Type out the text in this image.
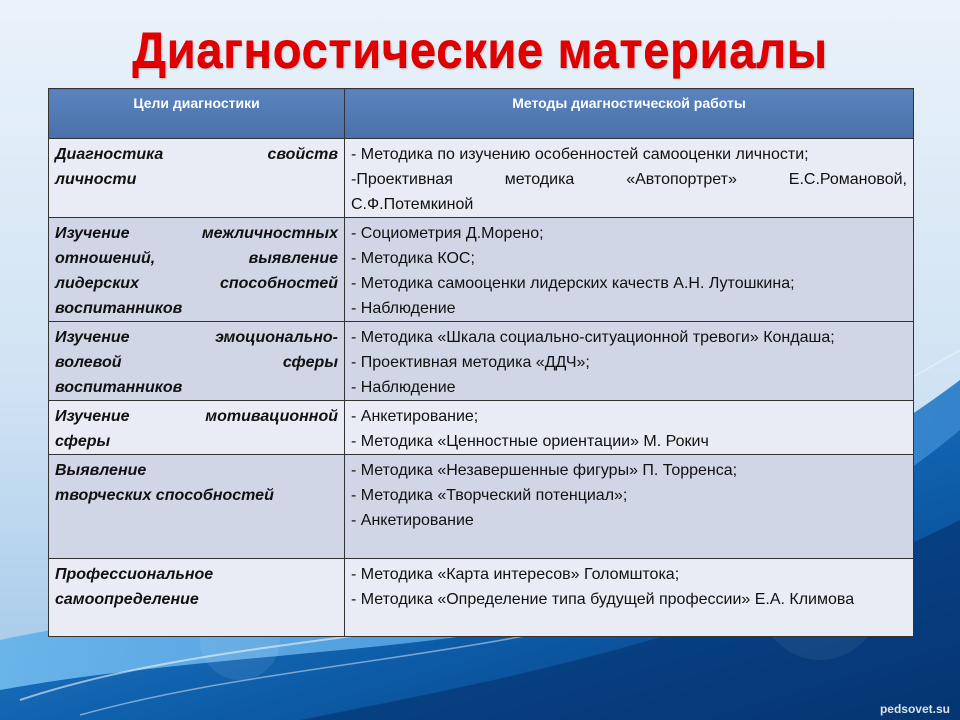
Диагностические материалы
Цели диагностики	Методы диагностической работы

Диагностика свойств
личности	- Методика по изучению особенностей самооценки личности;
-Проективная методика «Автопортрет» Е.С.Романовой,
С.Ф.Потемкиной

Изучение межличностных
отношений, выявление
лидерских способностей
воспитанников	- Социометрия Д.Морено;
- Методика КОС;
- Методика самооценки лидерских качеств А.Н. Лутошкина;
- Наблюдение

Изучение эмоционально-
волевой сферы
воспитанников	- Методика «Шкала социально-ситуационной тревоги» Кондаша;
- Проективная методика «ДДЧ»;
- Наблюдение

Изучение мотивационной
сферы	- Анкетирование;
- Методика «Ценностные ориентации» М. Рокич

Выявление
творческих способностей	- Методика «Незавершенные фигуры» П. Торренса;
- Методика «Творческий потенциал»;
- Анкетирование

Профессиональное
самоопределение	- Методика «Карта интересов» Голомштока;
- Методика «Определение типа будущей профессии» Е.А. Климова
pedsovet.su
